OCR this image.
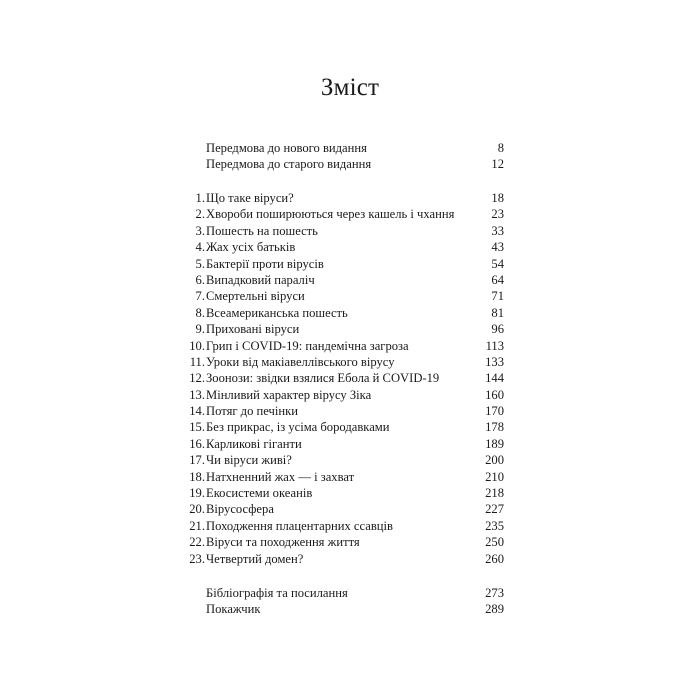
Зміст
Передмова до нового видання	8
Передмова до старого видання	12
1. Що таке віруси?	18
2. Хвороби поширюються через кашель і чхання	23
3. Пошесть на пошесть	33
4. Жах усіх батьків	43
5. Бактерії проти вірусів	54
6. Випадковий параліч	64
7. Смертельні віруси	71
8. Всеамериканська пошесть	81
9. Приховані віруси	96
10. Грип і COVID-19: пандемічна загроза	113
11. Уроки від макіавеллівського вірусу	133
12. Зоонози: звідки взялися Ебола й COVID-19	144
13. Мінливий характер вірусу Зіка	160
14. Потяг до печінки	170
15. Без прикрас, із усіма бородавками	178
16. Карликові гіганти	189
17. Чи віруси живі?	200
18. Натхненний жах — і захват	210
19. Екосистеми океанів	218
20. Вірусосфера	227
21. Походження плацентарних ссавців	235
22. Віруси та походження життя	250
23. Четвертий домен?	260
Бібліографія та посилання	273
Покажчик	289
